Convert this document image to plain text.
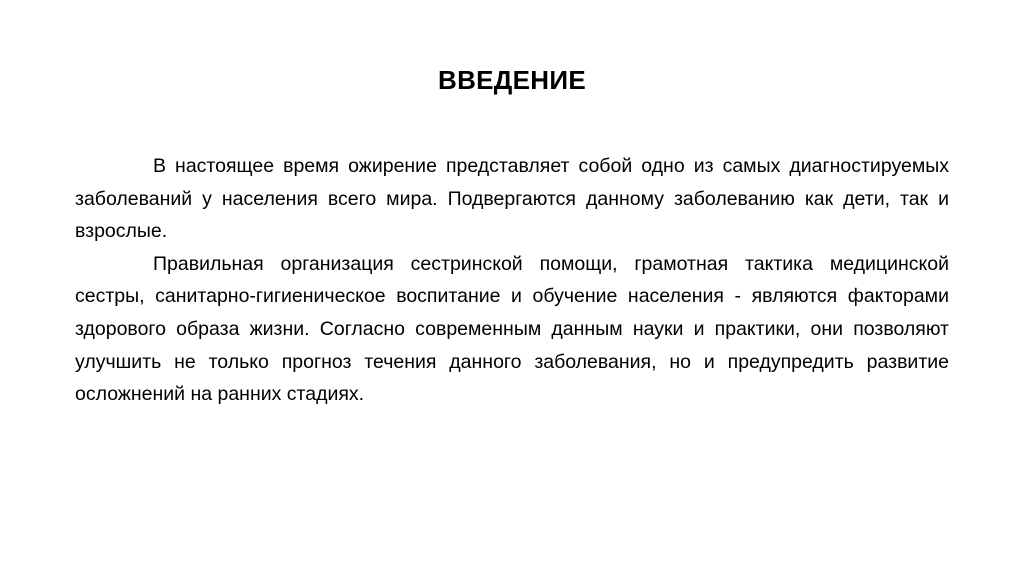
ВВЕДЕНИЕ

В настоящее время ожирение представляет собой одно из самых диагностируемых заболеваний у населения всего мира. Подвергаются данному заболеванию как дети, так и взрослые.

Правильная организация сестринской помощи, грамотная тактика медицинской сестры, санитарно-гигиеническое воспитание и обучение населения - являются факторами здорового образа жизни. Согласно современным данным науки и практики, они позволяют улучшить не только прогноз течения данного заболевания, но и предупредить развитие осложнений на ранних стадиях.
